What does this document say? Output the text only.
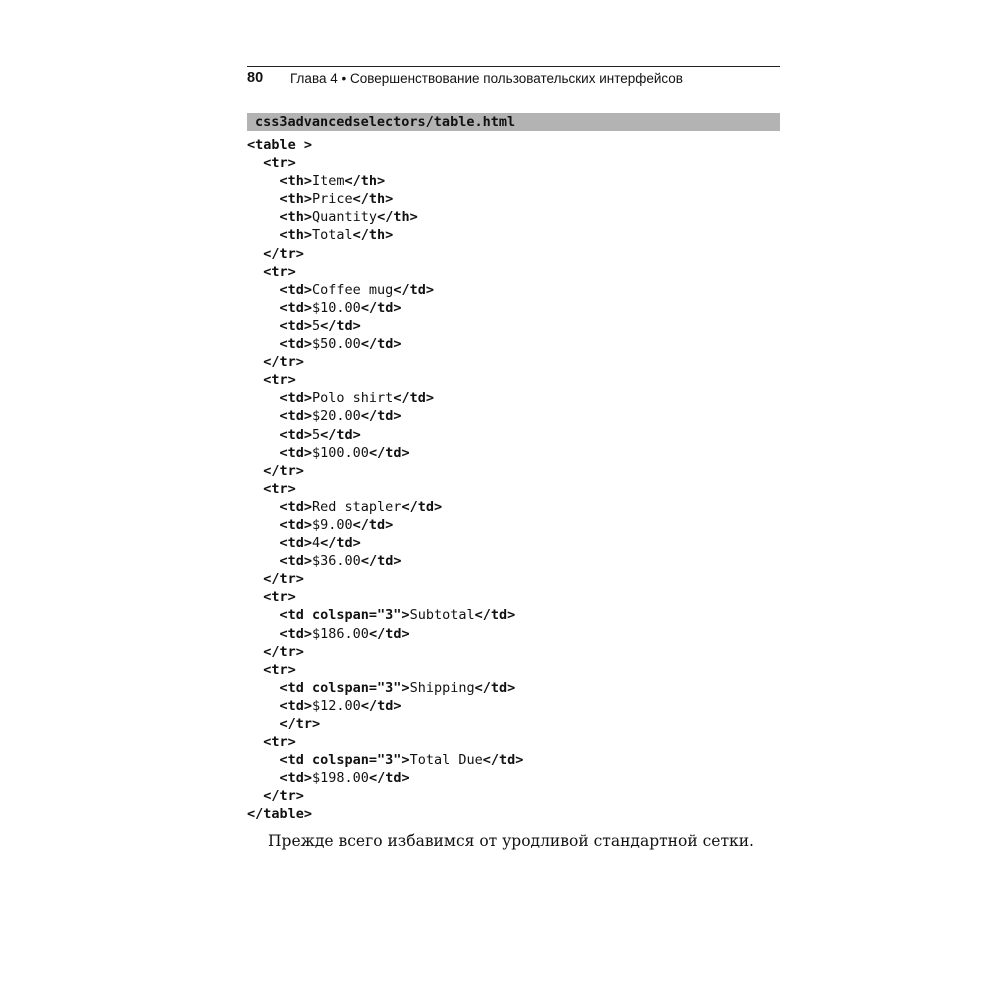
80 Глава 4 • Совершенствование пользовательских интерфейсов
css3advancedselectors/table.html
<table >
<tr>
<th>Item</th>
<th>Price</th>
<th>Quantity</th>
<th>Total</th>
</tr>
<tr>
<td>Coffee mug</td>
<td>$10.00</td>
<td>5</td>
<td>$50.00</td>
</tr>
<tr>
<td>Polo shirt</td>
<td>$20.00</td>
<td>5</td>
<td>$100.00</td>
</tr>
<tr>
<td>Red stapler</td>
<td>$9.00</td>
<td>4</td>
<td>$36.00</td>
</tr>
<tr>
<td colspan="3">Subtotal</td>
<td>$186.00</td>
</tr>
<tr>
<td colspan="3">Shipping</td>
<td>$12.00</td>
</tr>
<tr>
<td colspan="3">Total Due</td>
<td>$198.00</td>
</tr>
</table>
Прежде всего избавимся от уродливой стандартной сетки.
